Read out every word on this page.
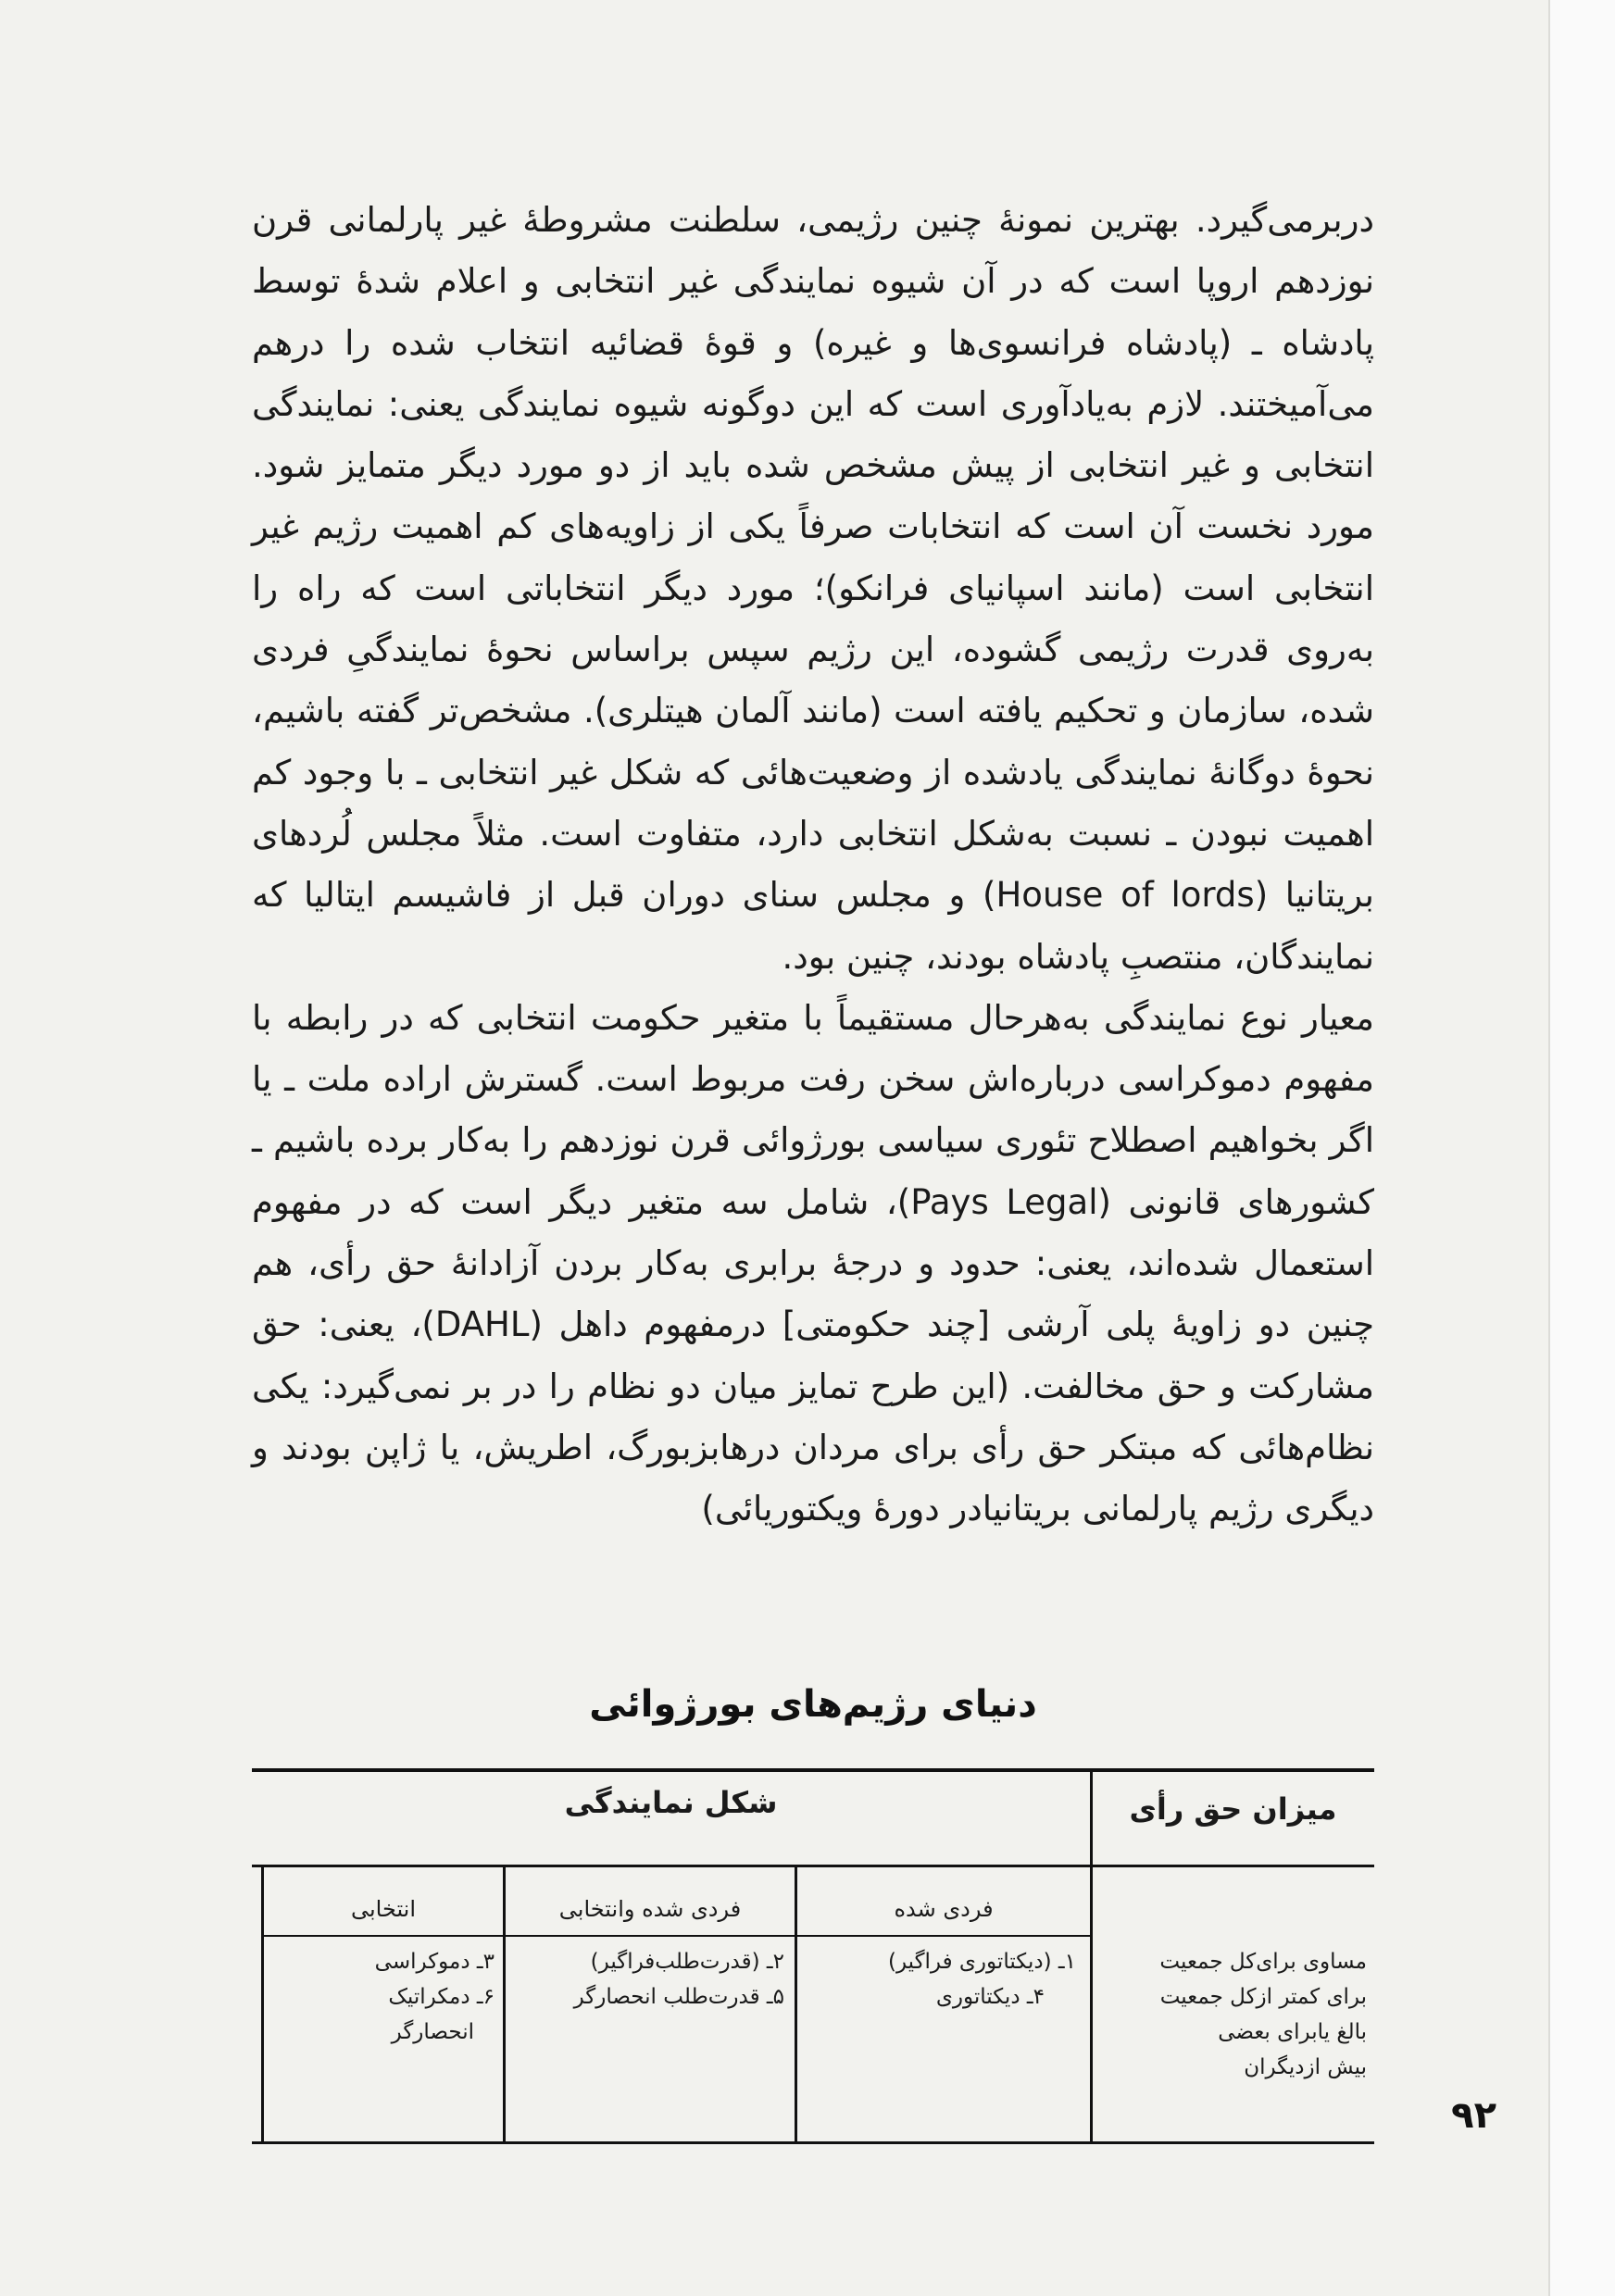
دربرمی‌گیرد. بهترین نمونهٔ چنین رژیمی، سلطنت مشروطهٔ غیر پارلمانی قرن نوزدهم اروپا است که در آن شیوه نمایندگی غیر انتخابی و اعلام شدهٔ توسط پادشاه ـ (پادشاه فرانسوی‌ها و غیره) و قوهٔ قضائیه انتخاب شده را درهم می‌آمیختند. لازم به‌یادآوری است که این دوگونه شیوه نمایندگی یعنی: نمایندگی انتخابی و غیر انتخابی از پیش مشخص شده باید از دو مورد دیگر متمایز شود. مورد نخست آن است که انتخابات صرفاً یکی از زاویه‌های کم اهمیت رژیم غیر انتخابی است (مانند اسپانیای فرانکو)؛ مورد دیگر انتخاباتی است که راه را به‌روی قدرت رژیمی گشوده، این رژیم سپس براساس نحوهٔ نمایندگیِ فردی شده، سازمان و تحکیم یافته است (مانند آلمان هیتلری). مشخص‌تر گفته باشیم، نحوهٔ دوگانهٔ نمایندگی یادشده از وضعیت‌هائی که شکل غیر انتخابی ـ با وجود کم اهمیت نبودن ـ نسبت به‌شکل انتخابی دارد، متفاوت است. مثلاً مجلس لُردهای بریتانیا (House of lords) و مجلس سنای دوران قبل از فاشیسم ایتالیا که نمایندگان، منتصبِ پادشاه بودند، چنین بود.

معیار نوع نمایندگی به‌هرحال مستقیماً با متغیر حکومت انتخابی که در رابطه با مفهوم دموکراسی درباره‌اش سخن رفت مربوط است. گسترش اراده ملت ـ یا اگر بخواهیم اصطلاح تئوری سیاسی بورژوائی قرن نوزدهم را به‌کار برده باشیم ـ کشورهای قانونی (Pays Legal)، شامل سه متغیر دیگر است که در مفهوم استعمال شده‌اند، یعنی: حدود و درجهٔ برابری به‌کار بردن آزادانهٔ حق رأی، هم چنین دو زاویهٔ پلی آرشی [چند حکومتی] درمفهوم داهل (DAHL)، یعنی: حق مشارکت و حق مخالفت. (این طرح تمایز میان دو نظام را در بر نمی‌گیرد: یکی نظام‌هائی که مبتکر حق رأی برای مردان درهابزبورگ، اطریش، یا ژاپن بودند و دیگری رژیم پارلمانی بریتانیادر دورهٔ ویکتوریائی)

دنیای رژیم‌های بورژوائی
میزان حق رأی
شکل نمایندگی
فردی شده
فردی شده وانتخابی
انتخابی
مساوی برای‌کل جمعیت
برای کمتر ازکل جمعیت
بالغ یابرای بعضی
بیش ازدیگران
۱ـ (دیکتاتوری فراگیر)
۴ـ دیکتاتوری
۲ـ (قدرت‌طلب‌فراگیر)
۵ـ قدرت‌طلب انحصارگر
۳ـ دموکراسی
۶ـ دمکراتیک
انحصارگر
۹۲
